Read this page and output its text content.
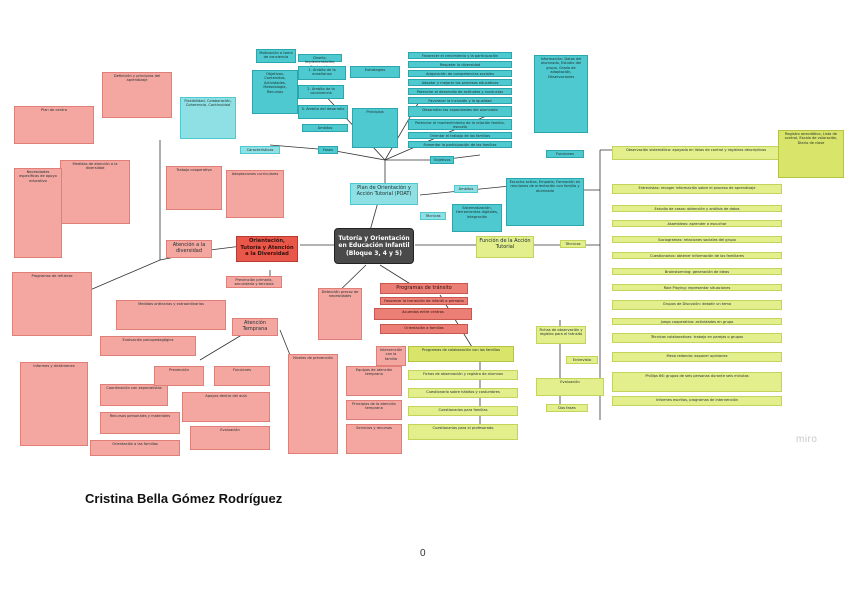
Tutoría y Orientación en Educación Infantil (Bloque 3, 4 y 5)
Orientación, Tutoría y Atención a la Diversidad
Plan de Orientación y Acción Tutorial (POAT)
Función de la Acción Tutorial
Atención Temprana
Atención a la diversidad
Programas de tránsito
Flexibilidad, Colaboración, Coherencia, Continuidad
Características
Motivación o toma de conciencia
Objetivos, Contenidos, Actividades, Metodología, Recursos
Diseño, Implementación,
1. Ámbito de la enseñanza
2. Ámbito de la convivencia
3. Ámbito del desarrollo
Ámbitos
Estrategias
Principios
Fases
Favorecer el crecimiento y la participación
Respetar la diversidad
Adquisición de competencias sociales
Adaptar y mejorar los procesos educativos
Potenciar el desarrollo de actitudes y conductas
Favorecer la inclusión y la igualdad
Desarrollar las capacidades del alumnado
Potenciar el mantenimiento de la relación familia-escuela
Orientar el trabajo de las familias
Fomentar la participación de las familias
Objetivos
Información: Datos del alumnado, Estudio del grupo, Grado de adaptación, Observaciones
Funciones
Ámbitos
Técnicas
Sistematización, Herramientas digitales, Integración
Escucha activa, Empatía, Formación en reuniones de orientación con familia y alumnado
Observación sistemática: apoyada en listas de control y registros descriptivos
Registro anecdótico, Lista de control, Escala de valoración, Diario de clase
Entrevistas: recoger información sobre el proceso de aprendizaje
Estudio de casos: obtención y análisis de datos
Asambleas: aprender a escuchar
Sociogramas: relaciones sociales del grupo
Cuestionarios: obtener información de los familiares
Brainstorming: generación de ideas
Role Playing: representar situaciones
Grupos de Discusión: debatir un tema
Juego cooperativo: actividades en grupo
Técnicas colaborativas: trabajo en parejas o grupos
Mesa redonda: exponer opiniones
Phillips 66: grupos de seis personas durante seis minutos
Informes escritos, programas de intervención
Técnicas
Fichas de observación y registro para el tránsito
Entrevista
Evaluación
Dos fases
Programas de colaboración con las familias
Fichas de observación y registro de alumnos
Cuestionario sobre hábitos y costumbres
Cuestionarios para familias
Cuestionarios para el profesorado
Favorecer la transición de infantil a primaria
Acuerdos entre centros
Orientación a familias
Detección precoz de necesidades
Intervención con la familia
Equipos de atención temprana
Principios de la atención temprana
Servicios y recursos
Niveles de prevención
Prevención primaria, secundaria y terciaria
Definición y principios del aprendizaje
Plan de centro
Medidas de atención a la diversidad
Necesidades específicas de apoyo educativo
Trabajo cooperativo
Adaptaciones curriculares
Programas de refuerzo
Medidas ordinarias y extraordinarias
Evaluación psicopedagógica
Informes y dictámenes
Coordinación con especialistas
Recursos personales y materiales
Apoyos dentro del aula
Orientación a las familias
Prevención	Funciones
Evaluación
Cristina Bella Gómez Rodríguez
0
miro
